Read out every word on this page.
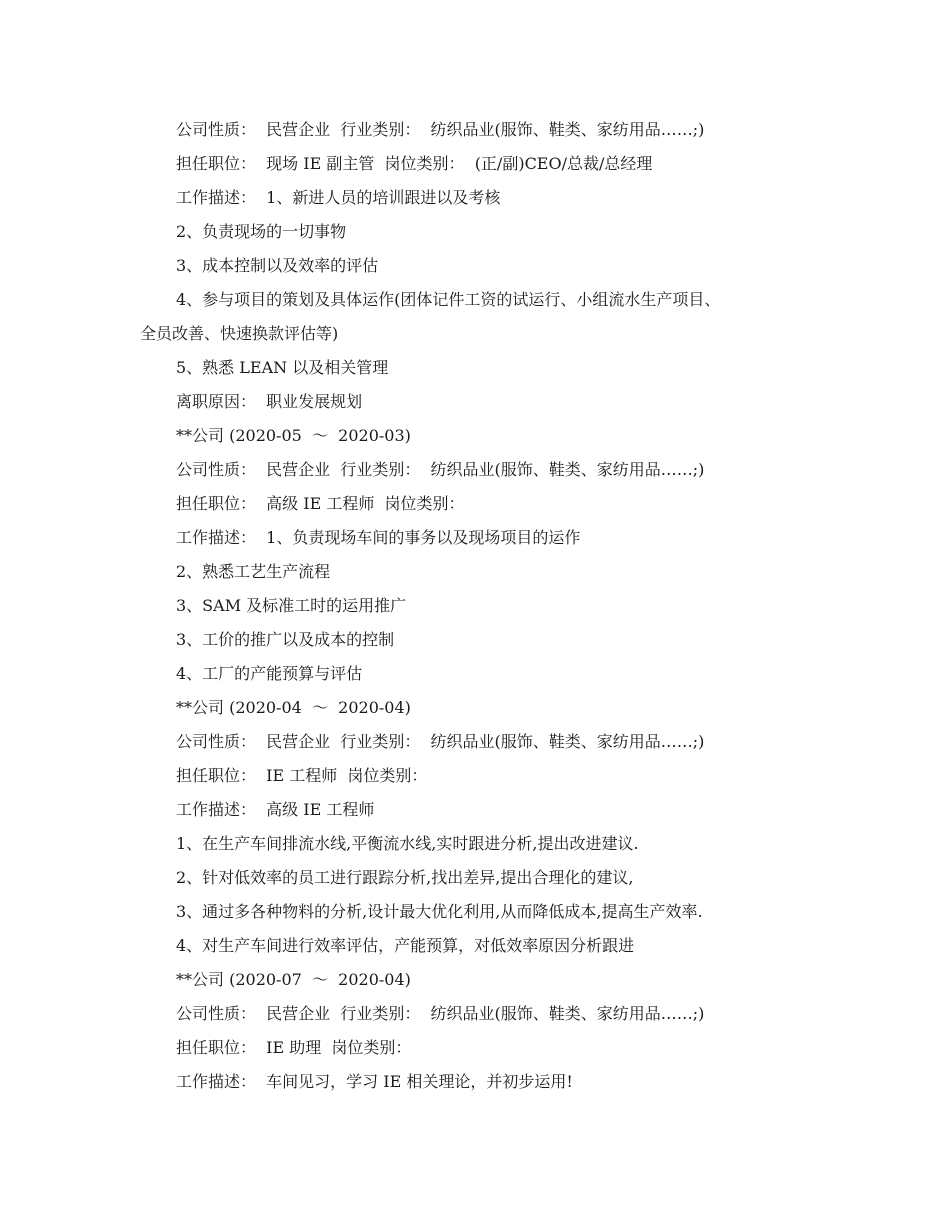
公司性质：  民营企业  行业类别：  纺织品业(服饰、鞋类、家纺用品……;)
担任职位：  现场 IE 副主管  岗位类别：  (正/副)CEO/总裁/总经理
工作描述：  1、新进人员的培训跟进以及考核
2、负责现场的一切事物
3、成本控制以及效率的评估
4、参与项目的策划及具体运作(团体记件工资的试运行、小组流水生产项目、
全员改善、快速换款评估等)
5、熟悉 LEAN 以及相关管理
离职原因：  职业发展规划
**公司 (2020-05  ～  2020-03)
公司性质：  民营企业  行业类别：  纺织品业(服饰、鞋类、家纺用品……;)
担任职位：  高级 IE 工程师  岗位类别：
工作描述：  1、负责现场车间的事务以及现场项目的运作
2、熟悉工艺生产流程
3、SAM 及标准工时的运用推广
3、工价的推广以及成本的控制
4、工厂的产能预算与评估
**公司 (2020-04  ～  2020-04)
公司性质：  民营企业  行业类别：  纺织品业(服饰、鞋类、家纺用品……;)
担任职位：  IE 工程师  岗位类别：
工作描述：  高级 IE 工程师
1、在生产车间排流水线,平衡流水线,实时跟进分析,提出改进建议.
2、针对低效率的员工进行跟踪分析,找出差异,提出合理化的建议,
3、通过多各种物料的分析,设计最大优化利用,从而降低成本,提高生产效率.
4、对生产车间进行效率评估，产能预算，对低效率原因分析跟进
**公司 (2020-07  ～  2020-04)
公司性质：  民营企业  行业类别：  纺织品业(服饰、鞋类、家纺用品……;)
担任职位：  IE 助理  岗位类别：
工作描述：  车间见习，学习 IE 相关理论，并初步运用!
